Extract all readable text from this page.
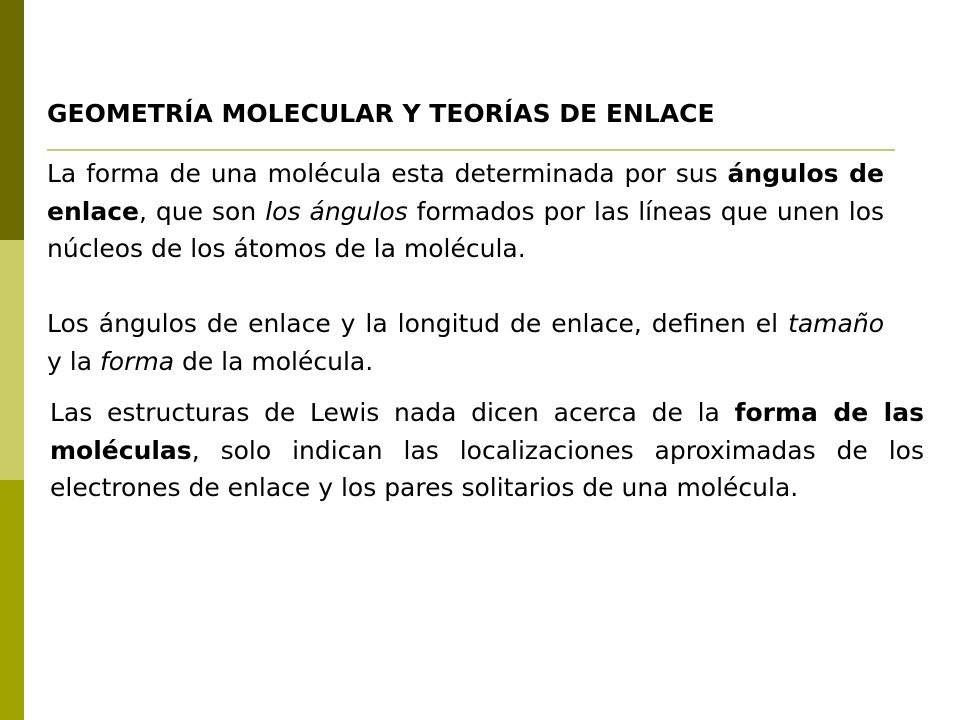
GEOMETRÍA MOLECULAR Y TEORÍAS DE ENLACE

La forma de una molécula esta determinada por sus ángulos de enlace, que son los ángulos formados por las líneas que unen los núcleos de los átomos de la molécula.

Los ángulos de enlace y la longitud de enlace, definen el tamaño y la forma de la molécula.

Las estructuras de Lewis nada dicen acerca de la forma de las moléculas, solo indican las localizaciones aproximadas de los electrones de enlace y los pares solitarios de una molécula.
